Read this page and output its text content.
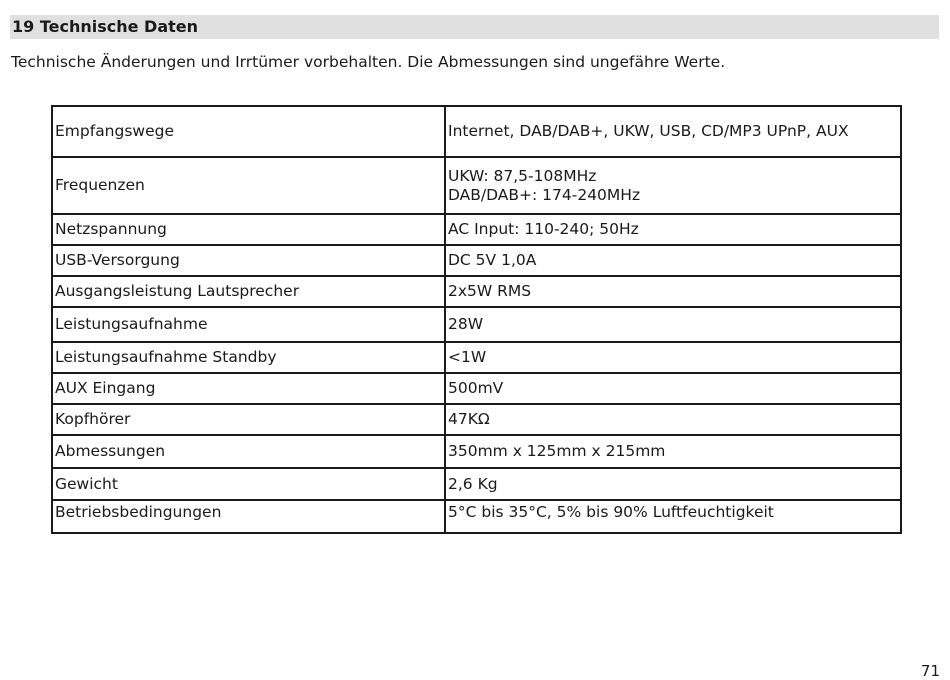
19 Technische Daten
Technische Änderungen und Irrtümer vorbehalten. Die Abmessungen sind ungefähre Werte.
Empfangswege	Internet, DAB/DAB+, UKW, USB, CD/MP3 UPnP, AUX
Frequenzen	UKW: 87,5-108MHz
DAB/DAB+: 174-240MHz
Netzspannung	AC Input: 110-240; 50Hz
USB-Versorgung	DC 5V 1,0A
Ausgangsleistung Lautsprecher	2x5W RMS
Leistungsaufnahme	28W
Leistungsaufnahme Standby	<1W
AUX Eingang	500mV
Kopfhörer	47KΩ
Abmessungen	350mm x 125mm x 215mm
Gewicht	2,6 Kg
Betriebsbedingungen	5°C bis 35°C, 5% bis 90% Luftfeuchtigkeit
71
